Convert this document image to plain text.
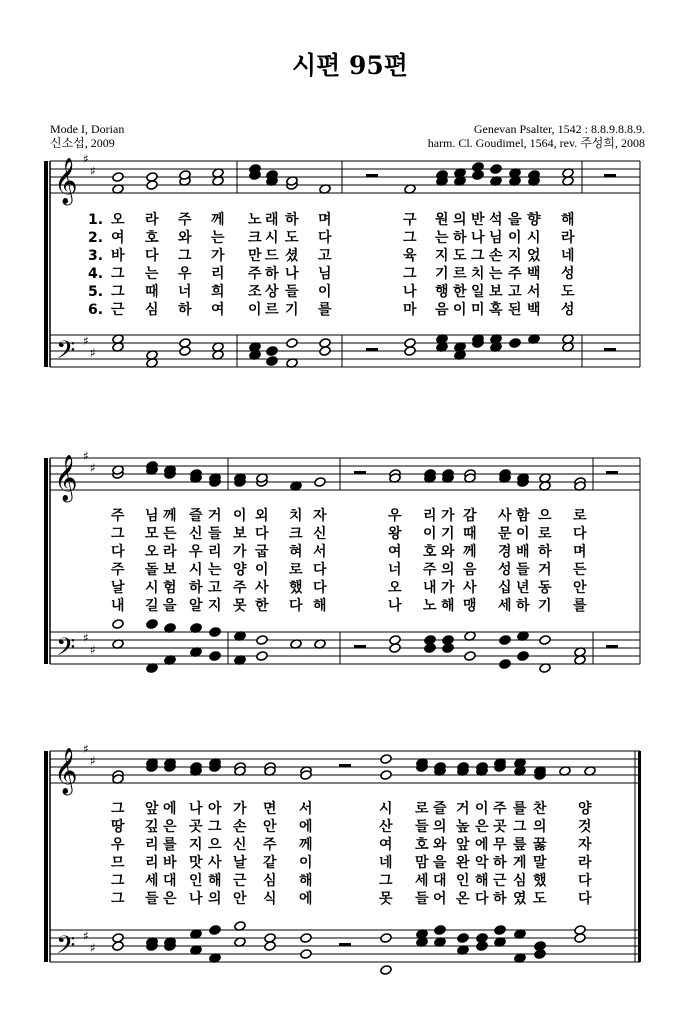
시편 95편
Mode I, Dorian
신소섭, 2009
Genevan Psalter, 1542 : 8.8.9.8.8.9.
harm. Cl. Goudimel, 1564, rev. 주성희, 2008
𝄞
𝄢
♯
♯
♯
♯
𝄞
𝄢
♯
♯
♯
♯
𝄞
𝄢
♯
♯
♯
♯
1. 오 라 주 께 노 래 하 며	구 원 의 반 석 을 향 해
2. 여 호 와 는 크 시 도 다	그 는 하 나 님 이 시 라
3. 바 다 그 가 만 드 셨 고	육 지 도 그 손 지 었 네
4. 그 는 우 리 주 하 나 님	그 기 르 치 는 주 백 성
5. 그 때 너 희 조 상 들 이	나 행 한 일 보 고 서 도
6. 근 심 하 여 이 르 기 를	마 음 이 미 혹 된 백 성
주 님 께 즐 거 이 외 치 자	우 리 가 감 사 함 으 로
그 모 든 신 들 보 다 크 신	왕 이 기 때 문 이 로 다
다 오 라 우 리 가 굽 혀 서	여 호 와 께 경 배 하 며
주 돌 보 시 는 양 이 로 다	너 주 의 음 성 들 거 든
날 시 험 하 고 주 사 했 다	오 내 가 사 십 년 동 안
내 길 을 알 지 못 한 다 해	나 노 해 맹 세 하 기 를
그 앞 에 나 아 가 면 서	시 로 즐 거 이 주 를 찬 양
땅 깊 은 곳 그 손 안 에	산 들 의 높 은 곳 그 의 것
우 리 를 지 으 신 주 께	여 호 와 앞 에 무 릎 꿇 자
므 리 바 맛 사 날 같 이	네 맘 을 완 악 하 게 말 라
그 세 대 인 해 근 심 해	그 세 대 인 해 근 심 했 다
그 들 은 나 의 안 식 에	못 들 어 온 다 하 였 도 다
